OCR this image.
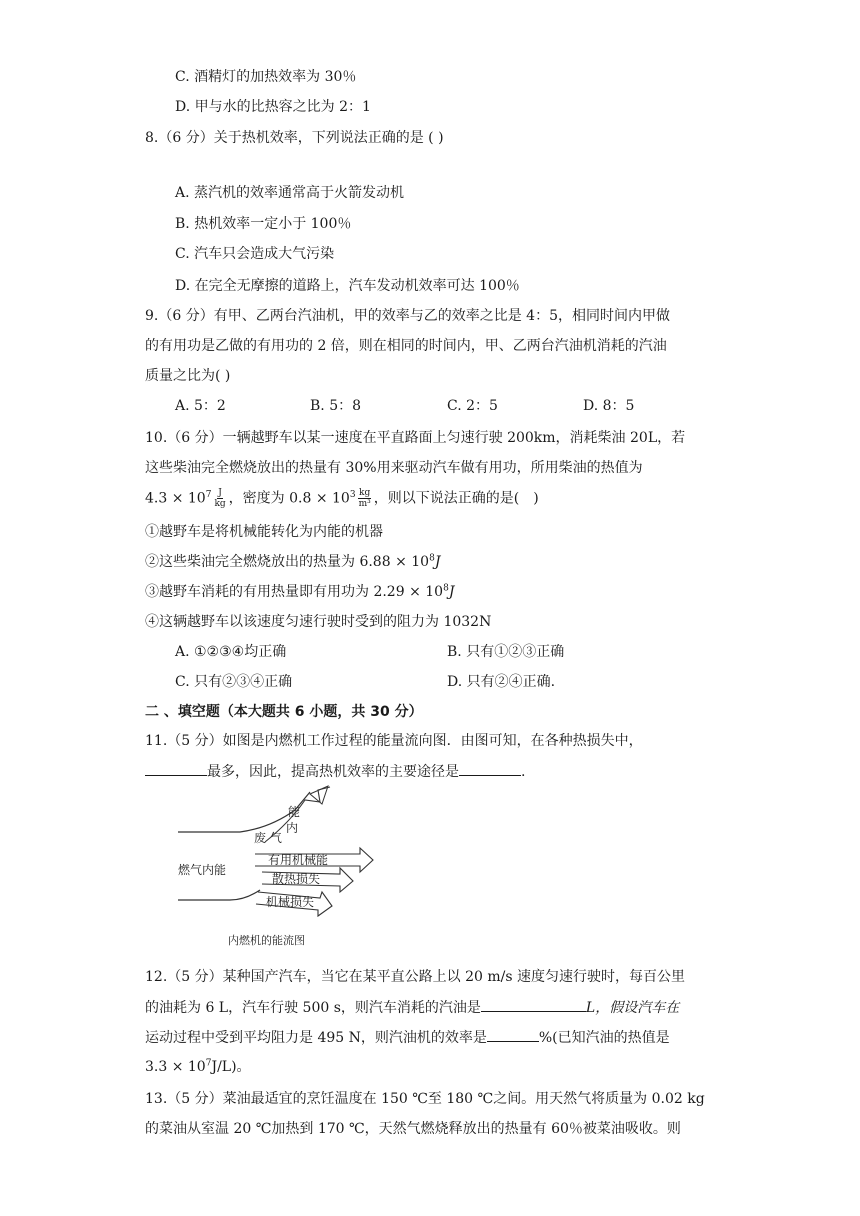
C. 酒精灯的加热效率为 30％
D. 甲与水的比热容之比为 2：1
8.（6 分）关于热机效率，下列说法正确的是 ( )
A. 蒸汽机的效率通常高于火箭发动机
B. 热机效率一定小于 100％
C. 汽车只会造成大气污染
D. 在完全无摩擦的道路上，汽车发动机效率可达 100％
9.（6 分）有甲、乙两台汽油机，甲的效率与乙的效率之比是 4：5，相同时间内甲做
的有用功是乙做的有用功的 2 倍，则在相同的时间内，甲、乙两台汽油机消耗的汽油
质量之比为( )
A. 5：2	B. 5：8	C. 2：5	D. 8：5
10.（6 分）一辆越野车以某一速度在平直路面上匀速行驶 200km，消耗柴油 20L，若
这些柴油完全燃烧放出的热量有 30%用来驱动汽车做有用功，所用柴油的热值为
$4.3 \times 10^7 \frac{J}{kg}$ ，密度为 $0.8 \times 10^3 \frac{kg}{\text{m³}}$ ，则以下说法正确的是(　)
①越野车是将机械能转化为内能的机器
②这些柴油完全燃烧放出的热量为 $6.88 \times 10^8J$
③越野车消耗的有用热量即有用功为 $2.29 \times 10^8J$
④这辆越野车以该速度匀速行驶时受到的阻力为 1032N
A. ①②③④均正确	B. 只有①②③正确
C. 只有②③④正确	D. 只有②④正确.
二 、填空题（本大题共 6 小题，共 30 分）
11.（5 分）如图是内燃机工作过程的能量流向图．由图可知，在各种热损失中，
最多，因此，提高热机效率的主要途径是	.
能
内
废 气
燃气内能
有用机械能
散热损失
机械损失
内燃机的能流图
12.（5 分）某种国产汽车，当它在某平直公路上以 20 m/s 速度匀速行驶时，每百公里
的油耗为 6 L，汽车行驶 500 s，则汽车消耗的汽油是	L，假设汽车在
运动过程中受到平均阻力是 495 N，则汽油机的效率是	%(已知汽油的热值是
$3.3 \times 10^7J/L$)。
13.（5 分）菜油最适宜的烹饪温度在 150 ℃至 180 ℃之间。用天然气将质量为 0.02 kg
的菜油从室温 20 ℃加热到 170 ℃，天然气燃烧释放出的热量有 60％被菜油吸收。则
